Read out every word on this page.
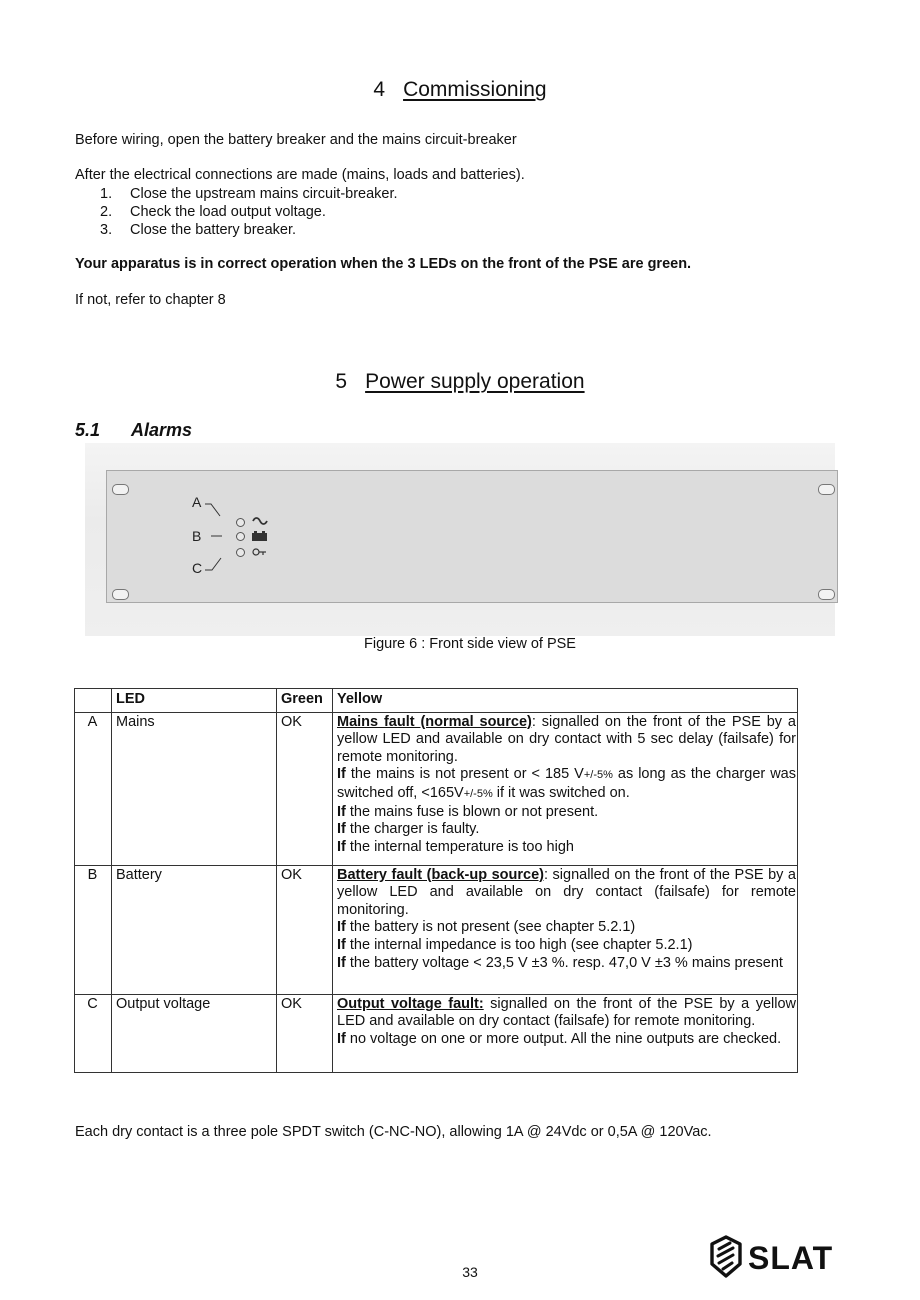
4 Commissioning
Before wiring, open the battery breaker and the mains circuit-breaker
After the electrical connections are made (mains, loads and batteries).
1. Close the upstream mains circuit-breaker.
2. Check the load output voltage.
3. Close the battery breaker.
Your apparatus is in correct operation when the 3 LEDs on the front of the PSE are green.
If not, refer to chapter 8
5 Power supply operation
5.1 Alarms
A
B
C
Figure 6 : Front side view of PSE
	LED	Green	Yellow
A	Mains	OK	Mains fault (normal source): signalled on the front of the PSE by a yellow LED and available on dry contact with 5 sec delay (failsafe) for remote monitoring.
If the mains is not present or < 185 V+/-5% as long as the charger was switched off, <165V+/-5% if it was switched on.
If the mains fuse is blown or not present.
If the charger is faulty.
If the internal temperature is too high
B	Battery	OK	Battery fault (back-up source): signalled on the front of the PSE by a yellow LED and available on dry contact (failsafe) for remote monitoring.
If the battery is not present (see chapter 5.2.1)
If the internal impedance is too high (see chapter 5.2.1)
If the battery voltage < 23,5 V ±3 %. resp. 47,0 V ±3 % mains present
C	Output voltage	OK	Output voltage fault: signalled on the front of the PSE by a yellow LED and available on dry contact (failsafe) for remote monitoring.
If no voltage on one or more output. All the nine outputs are checked.
Each dry contact is a three pole SPDT switch (C-NC-NO), allowing 1A @ 24Vdc or 0,5A @ 120Vac.
33	SLAT
